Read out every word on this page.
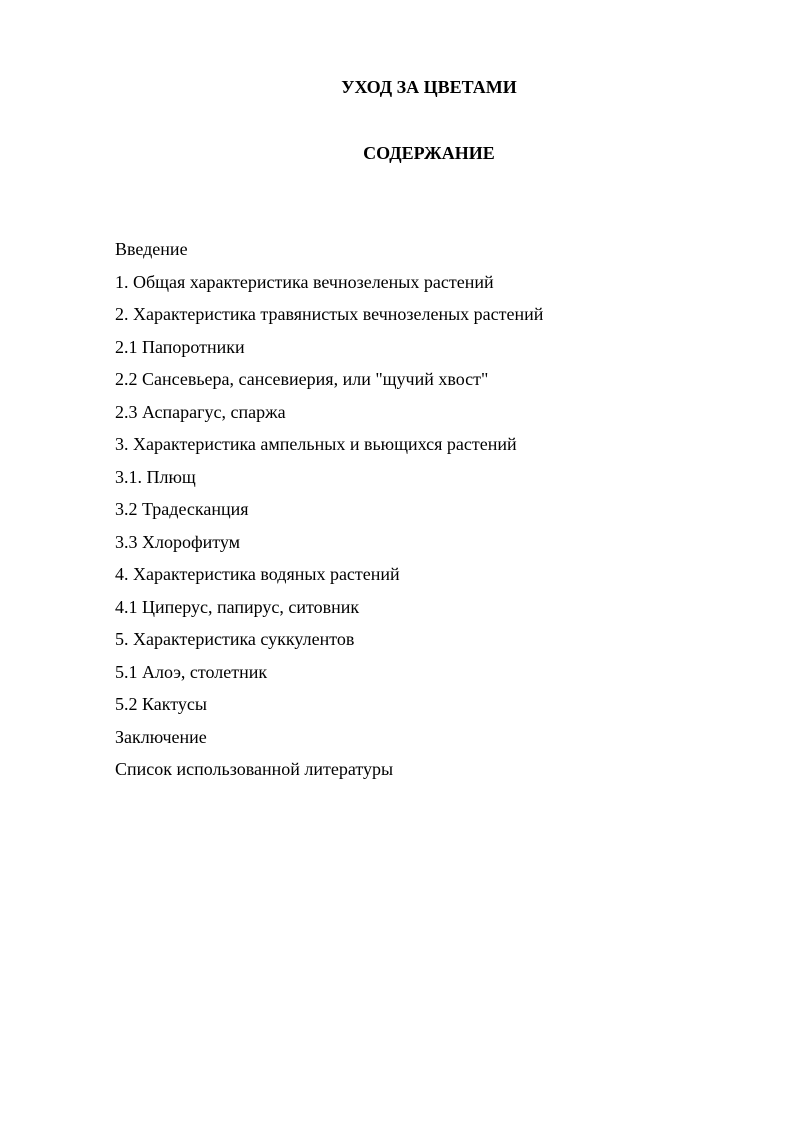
УХОД ЗА ЦВЕТАМИ
СОДЕРЖАНИЕ
Введение
1. Общая характеристика вечнозеленых растений
2. Характеристика травянистых вечнозеленых растений
2.1 Папоротники
2.2 Сансевьера, сансевиерия, или "щучий хвост"
2.3 Аспарагус, спаржа
3. Характеристика ампельных и вьющихся растений
3.1. Плющ
3.2 Традесканция
3.3 Хлорофитум
4. Характеристика водяных растений
4.1 Циперус, папирус, ситовник
5. Характеристика суккулентов
5.1 Алоэ, столетник
5.2 Кактусы
Заключение
Список использованной литературы
